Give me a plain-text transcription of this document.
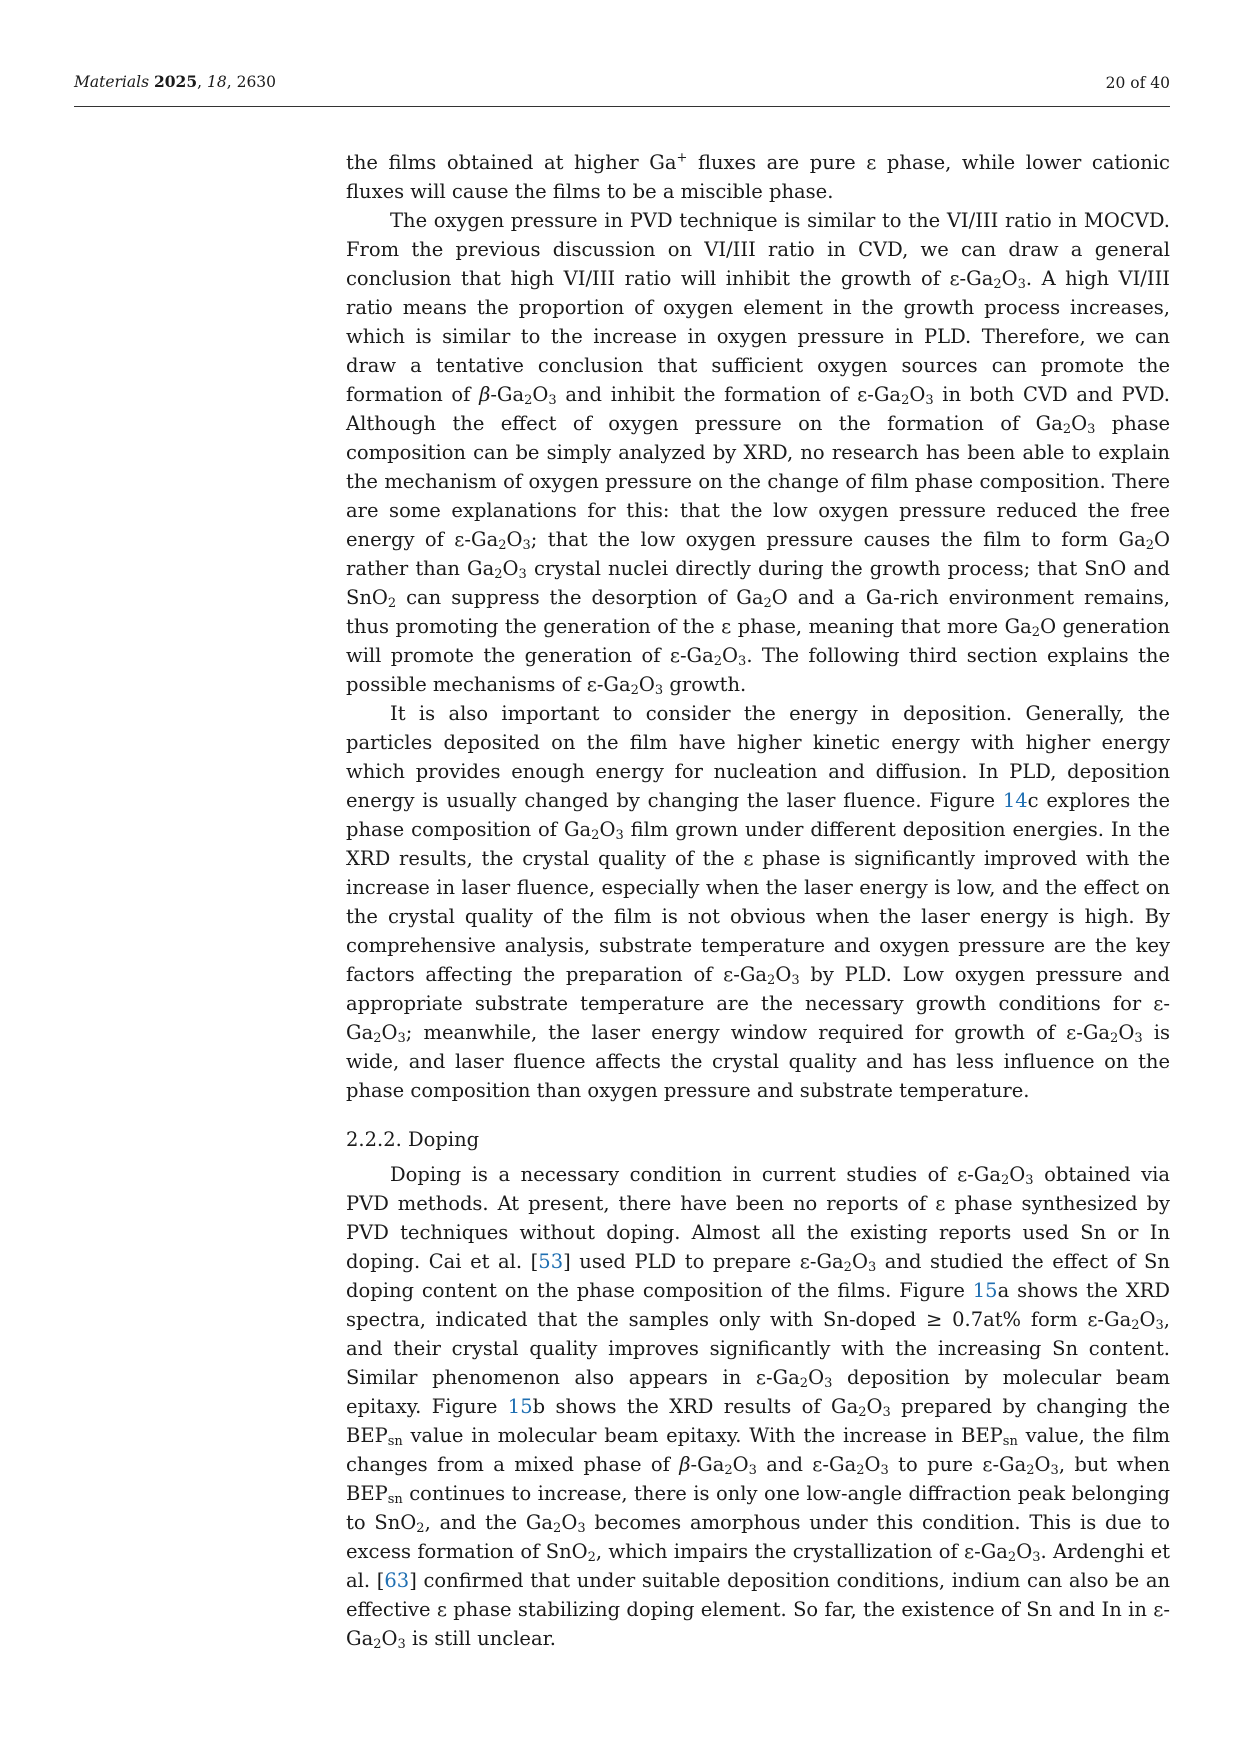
Materials 2025, 18, 2630	20 of 40

the films obtained at higher Ga+ fluxes are pure ε phase, while lower cationic fluxes will cause the films to be a miscible phase.

The oxygen pressure in PVD technique is similar to the VI/III ratio in MOCVD. From the previous discussion on VI/III ratio in CVD, we can draw a general conclusion that high VI/III ratio will inhibit the growth of $\varepsilon-Ga_2O_3$. A high VI/III ratio means the proportion of oxygen element in the growth process increases, which is similar to the increase in oxygen pressure in PLD. Therefore, we can draw a tentative conclusion that sufficient oxygen sources can promote the formation of $\beta-Ga_2O_3$ and inhibit the formation of $\varepsilon-Ga_2O_3$ in both CVD and PVD. Although the effect of oxygen pressure on the formation of $Ga_2O_3$ phase composition can be simply analyzed by XRD, no research has been able to explain the mechanism of oxygen pressure on the change of film phase composition. There are some explanations for this: that the low oxygen pressure reduced the free energy of $\varepsilon-Ga_2O_3$; that the low oxygen pressure causes the film to form $Ga_2O$ rather than $Ga_2O_3$ crystal nuclei directly during the growth process; that SnO and SnO$_2$ can suppress the desorption of $Ga_2O$ and a Ga-rich environment remains, thus promoting the generation of the ε phase, meaning that more $Ga_2O$ generation will promote the generation of $\varepsilon-Ga_2O_3$. The following third section explains the possible mechanisms of $\varepsilon-Ga_2O_3$ growth.

It is also important to consider the energy in deposition. Generally, the particles deposited on the film have higher kinetic energy with higher energy which provides enough energy for nucleation and diffusion. In PLD, deposition energy is usually changed by changing the laser fluence. Figure 14c explores the phase composition of $Ga_2O_3$ film grown under different deposition energies. In the XRD results, the crystal quality of the ε phase is significantly improved with the increase in laser fluence, especially when the laser energy is low, and the effect on the crystal quality of the film is not obvious when the laser energy is high. By comprehensive analysis, substrate temperature and oxygen pressure are the key factors affecting the preparation of $\varepsilon-Ga_2O_3$ by PLD. Low oxygen pressure and appropriate substrate temperature are the necessary growth conditions for $\varepsilon-Ga_2O_3$; meanwhile, the laser energy window required for growth of $\varepsilon-Ga_2O_3$ is wide, and laser fluence affects the crystal quality and has less influence on the phase composition than oxygen pressure and substrate temperature.

2.2.2. Doping

Doping is a necessary condition in current studies of $\varepsilon-Ga_2O_3$ obtained via PVD methods. At present, there have been no reports of ε phase synthesized by PVD techniques without doping. Almost all the existing reports used Sn or In doping. Cai et al. [53] used PLD to prepare $\varepsilon-Ga_2O_3$ and studied the effect of Sn doping content on the phase composition of the films. Figure 15a shows the XRD spectra, indicated that the samples only with Sn-doped ≥ 0.7at% form $\varepsilon-Ga_2O_3$, and their crystal quality improves significantly with the increasing Sn content. Similar phenomenon also appears in $\varepsilon-Ga_2O_3$ deposition by molecular beam epitaxy. Figure 15b shows the XRD results of $Ga_2O_3$ prepared by changing the $BEP_{sn}$ value in molecular beam epitaxy. With the increase in $BEP_{sn}$ value, the film changes from a mixed phase of $\beta-Ga_2O_3$ and $\varepsilon-Ga_2O_3$ to pure $\varepsilon-Ga_2O_3$, but when $BEP_{sn}$ continues to increase, there is only one low-angle diffraction peak belonging to SnO$_2$, and the $Ga_2O_3$ becomes amorphous under this condition. This is due to excess formation of SnO$_2$, which impairs the crystallization of $\varepsilon-Ga_2O_3$. Ardenghi et al. [63] confirmed that under suitable deposition conditions, indium can also be an effective ε phase stabilizing doping element. So far, the existence of Sn and In in $\varepsilon-Ga_2O_3$ is still unclear.
